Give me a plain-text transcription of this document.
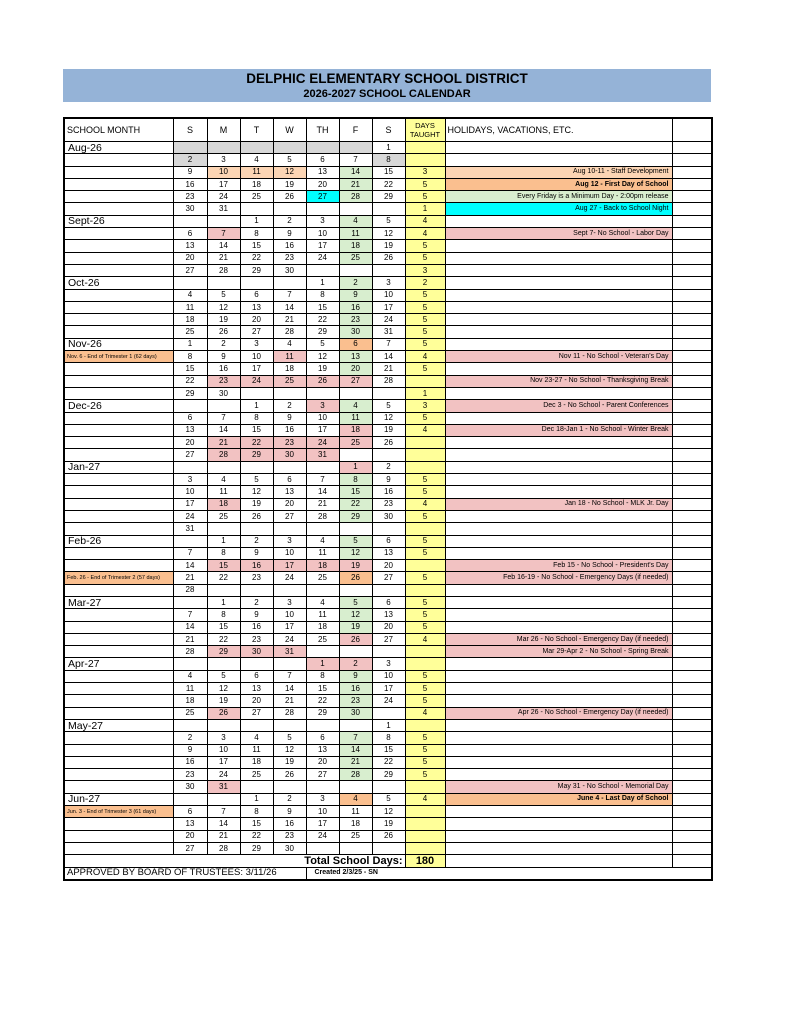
DELPHIC ELEMENTARY SCHOOL DISTRICT
2026-2027 SCHOOL CALENDAR
SCHOOL MONTH	S	M	T	W	TH	F	S	DAYS TAUGHT	HOLIDAYS, VACATIONS, ETC.	
Aug-26							1			
	2	3	4	5	6	7	8			
	9	10	11	12	13	14	15	3	Aug 10-11 - Staff Development	
	16	17	18	19	20	21	22	5	Aug 12 - First Day of School	
	23	24	25	26	27	28	29	5	Every Friday is a Minimum Day - 2:00pm release	
	30	31						1	Aug 27 - Back to School Night	
Sept-26			1	2	3	4	5	4		
	6	7	8	9	10	11	12	4	Sept 7- No School - Labor Day	
	13	14	15	16	17	18	19	5		
	20	21	22	23	24	25	26	5		
	27	28	29	30				3		
Oct-26					1	2	3	2		
	4	5	6	7	8	9	10	5		
	11	12	13	14	15	16	17	5		
	18	19	20	21	22	23	24	5		
	25	26	27	28	29	30	31	5		
Nov-26	1	2	3	4	5	6	7	5		
Nov. 6 - End of Trimester 1 (62 days)	8	9	10	11	12	13	14	4	Nov 11 - No School - Veteran's Day	
	15	16	17	18	19	20	21	5		
	22	23	24	25	26	27	28		Nov 23-27 - No School - Thanksgiving Break	
	29	30						1		
Dec-26			1	2	3	4	5	3	Dec 3 - No School - Parent Conferences	
	6	7	8	9	10	11	12	5		
	13	14	15	16	17	18	19	4	Dec 18-Jan 1 - No School - Winter Break	
	20	21	22	23	24	25	26			
	27	28	29	30	31					
Jan-27						1	2			
	3	4	5	6	7	8	9	5		
	10	11	12	13	14	15	16	5		
	17	18	19	20	21	22	23	4	Jan 18 - No School - MLK Jr. Day	
	24	25	26	27	28	29	30	5		
	31									
Feb-26		1	2	3	4	5	6	5		
	7	8	9	10	11	12	13	5		
	14	15	16	17	18	19	20		Feb 15 - No School - President's Day	
Feb. 26 - End of Trimester 2 (57 days)	21	22	23	24	25	26	27	5	Feb 16-19 - No School - Emergency Days (if needed)	
	28									
Mar-27		1	2	3	4	5	6	5		
	7	8	9	10	11	12	13	5		
	14	15	16	17	18	19	20	5		
	21	22	23	24	25	26	27	4	Mar 26 - No School - Emergency Day (if needed)	
	28	29	30	31					Mar 29-Apr 2 - No School - Spring Break	
Apr-27					1	2	3			
	4	5	6	7	8	9	10	5		
	11	12	13	14	15	16	17	5		
	18	19	20	21	22	23	24	5		
	25	26	27	28	29	30		4	Apr 26 - No School - Emergency Day (if needed)	
May-27							1			
	2	3	4	5	6	7	8	5		
	9	10	11	12	13	14	15	5		
	16	17	18	19	20	21	22	5		
	23	24	25	26	27	28	29	5		
	30	31							May 31 - No School - Memorial Day	
Jun-27			1	2	3	4	5	4	June 4 - Last Day of School	
Jun. 3 - End of Trimester 3 (61 days)	6	7	8	9	10	11	12			
	13	14	15	16	17	18	19			
	20	21	22	23	24	25	26			
	27	28	29	30						
Total School Days:								180		
APPROVED BY BOARD OF TRUSTEES: 3/11/26					Created 2/3/25 - SN					
